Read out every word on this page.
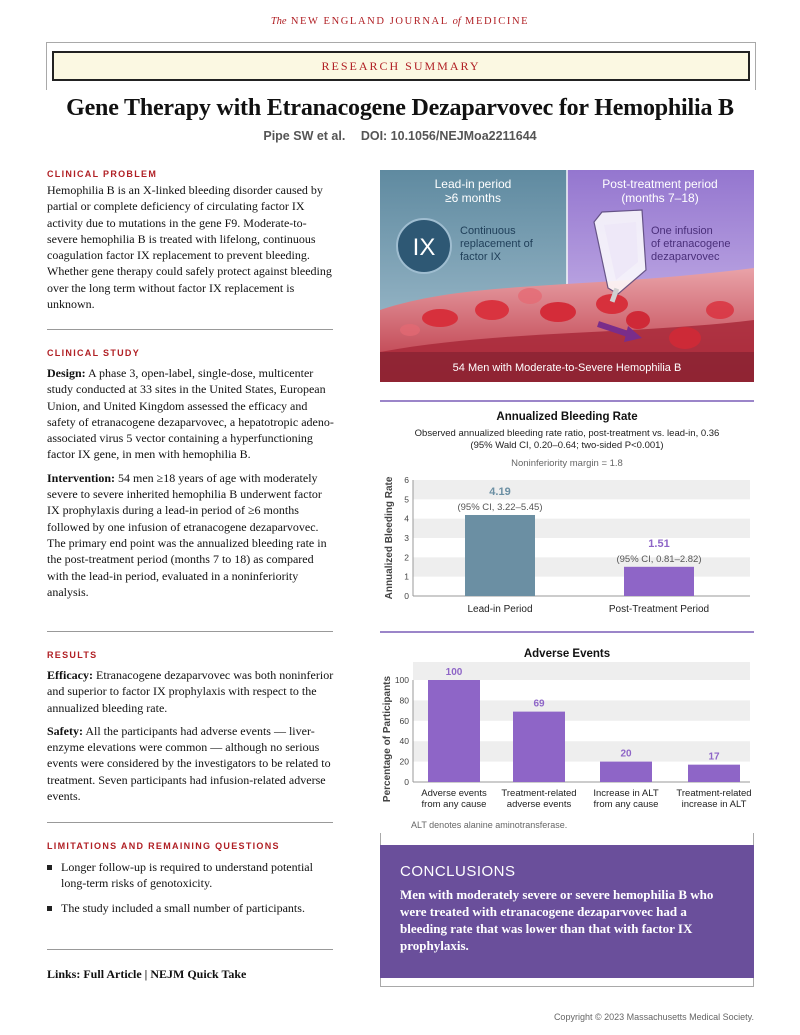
The NEW ENGLAND JOURNAL of MEDICINE
RESEARCH SUMMARY
Gene Therapy with Etranacogene Dezaparvovec for Hemophilia B
Pipe SW et al. DOI: 10.1056/NEJMoa2211644
CLINICAL PROBLEM
Hemophilia B is an X-linked bleeding disorder caused by partial or complete deficiency of circulating factor IX activity due to mutations in the gene F9. Moderate-to-severe hemophilia B is treated with lifelong, continuous coagulation factor IX replacement to prevent bleeding. Whether gene therapy could safely protect against bleeding over the long term without factor IX replacement is unknown.
CLINICAL STUDY

Design: A phase 3, open-label, single-dose, multicenter study conducted at 33 sites in the United States, European Union, and United Kingdom assessed the efficacy and safety of etranacogene dezaparvovec, a hepatotropic adeno-associated virus 5 vector containing a hyperfunctioning factor IX gene, in men with hemophilia B.

Intervention: 54 men ≥18 years of age with moderately severe to severe inherited hemophilia B underwent factor IX prophylaxis during a lead-in period of ≥6 months followed by one infusion of etranacogene dezaparvovec. The primary end point was the annualized bleeding rate in the post-treatment period (months 7 to 18) as compared with the lead-in period, evaluated in a noninferiority analysis.

RESULTS

Efficacy: Etranacogene dezaparvovec was both noninferior and superior to factor IX prophylaxis with respect to the annualized bleeding rate.

Safety: All the participants had adverse events — liver-enzyme elevations were common — although no serious events were considered by the investigators to be related to treatment. Seven participants had infusion-related adverse events.

LIMITATIONS AND REMAINING QUESTIONS
Longer follow-up is required to understand potential long-term risks of genotoxicity.
The study included a small number of participants.
Links: Full Article | NEJM Quick Take
IX
Lead-in period
≥6 months
Post-treatment period
(months 7–18)
Continuous
replacement of
factor IX
One infusion
of etranacogene
dezaparvovec
54 Men with Moderate-to-Severe Hemophilia B
Annualized Bleeding Rate
Observed annualized bleeding rate ratio, post-treatment vs. lead-in, 0.36
(95% Wald CI, 0.20–0.64; two-sided P<0.001)
Noninferiority margin = 1.8
0
1
2
3
4
5
6
Annualized Bleeding Rate	4.19
(95% CI, 3.22–5.45)
Lead-in Period
1.51
(95% CI, 0.81–2.82)
Post-Treatment Period
Adverse Events
0
20
40
60
80
100
Percentage of Participants
100
Adverse events
from any cause
69
Treatment-related
adverse events
20
Increase in ALT
from any cause
17
Treatment-related
increase in ALT
ALT denotes alanine aminotransferase.
CONCLUSIONS
Men with moderately severe or severe hemophilia B who were treated with etranacogene dezaparvovec had a bleeding rate that was lower than that with factor IX prophylaxis.
Copyright © 2023 Massachusetts Medical Society.
